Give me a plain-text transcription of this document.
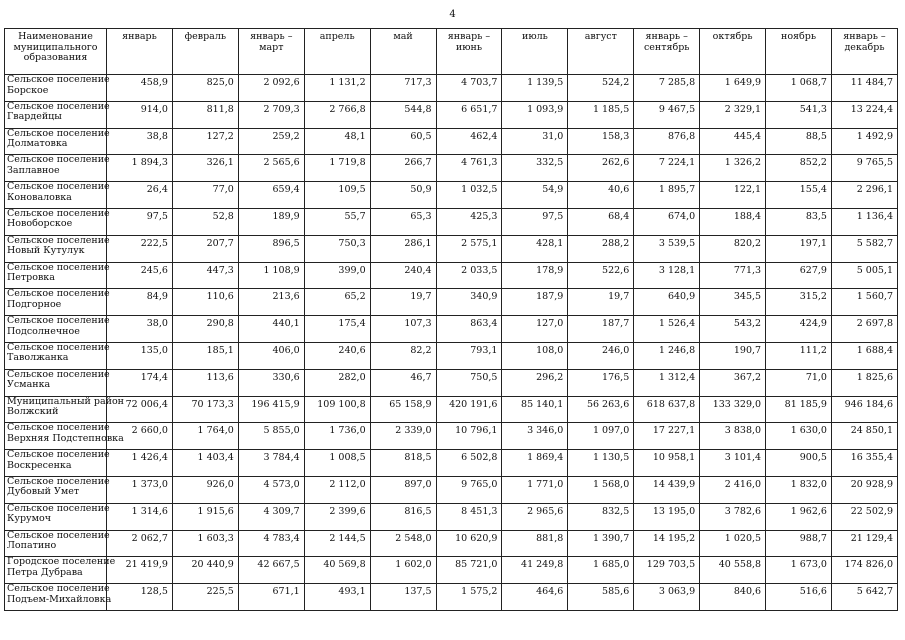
4
Наименование муниципального образования	январь	февраль	январь – март	апрель	май	январь – июнь	июль	август	январь – сентябрь	октябрь	ноябрь	январь – декабрь

Сельское поселение
Борское	458,9	825,0	2 092,6	1 131,2	717,3	4 703,7	1 139,5	524,2	7 285,8	1 649,9	1 068,7	11 484,7

Сельское поселение
Гвардейцы	914,0	811,8	2 709,3	2 766,8	544,8	6 651,7	1 093,9	1 185,5	9 467,5	2 329,1	541,3	13 224,4

Сельское поселение
Долматовка	38,8	127,2	259,2	48,1	60,5	462,4	31,0	158,3	876,8	445,4	88,5	1 492,9

Сельское поселение
Заплавное	1 894,3	326,1	2 565,6	1 719,8	266,7	4 761,3	332,5	262,6	7 224,1	1 326,2	852,2	9 765,5

Сельское поселение
Коноваловка	26,4	77,0	659,4	109,5	50,9	1 032,5	54,9	40,6	1 895,7	122,1	155,4	2 296,1

Сельское поселение
Новоборское	97,5	52,8	189,9	55,7	65,3	425,3	97,5	68,4	674,0	188,4	83,5	1 136,4

Сельское поселение
Новый Кутулук	222,5	207,7	896,5	750,3	286,1	2 575,1	428,1	288,2	3 539,5	820,2	197,1	5 582,7

Сельское поселение
Петровка	245,6	447,3	1 108,9	399,0	240,4	2 033,5	178,9	522,6	3 128,1	771,3	627,9	5 005,1

Сельское поселение
Подгорное	84,9	110,6	213,6	65,2	19,7	340,9	187,9	19,7	640,9	345,5	315,2	1 560,7

Сельское поселение
Подсолнечное	38,0	290,8	440,1	175,4	107,3	863,4	127,0	187,7	1 526,4	543,2	424,9	2 697,8

Сельское поселение
Таволжанка	135,0	185,1	406,0	240,6	82,2	793,1	108,0	246,0	1 246,8	190,7	111,2	1 688,4

Сельское поселение
Усманка	174,4	113,6	330,6	282,0	46,7	750,5	296,2	176,5	1 312,4	367,2	71,0	1 825,6

Муниципальный район
Волжский	72 006,4	70 173,3	196 415,9	109 100,8	65 158,9	420 191,6	85 140,1	56 263,6	618 637,8	133 329,0	81 185,9	946 184,6

Сельское поселение
Верхняя Подстепновка	2 660,0	1 764,0	5 855,0	1 736,0	2 339,0	10 796,1	3 346,0	1 097,0	17 227,1	3 838,0	1 630,0	24 850,1

Сельское поселение
Воскресенка	1 426,4	1 403,4	3 784,4	1 008,5	818,5	6 502,8	1 869,4	1 130,5	10 958,1	3 101,4	900,5	16 355,4

Сельское поселение
Дубовый Умет	1 373,0	926,0	4 573,0	2 112,0	897,0	9 765,0	1 771,0	1 568,0	14 439,9	2 416,0	1 832,0	20 928,9

Сельское поселение
Курумоч	1 314,6	1 915,6	4 309,7	2 399,6	816,5	8 451,3	2 965,6	832,5	13 195,0	3 782,6	1 962,6	22 502,9

Сельское поселение
Лопатино	2 062,7	1 603,3	4 783,4	2 144,5	2 548,0	10 620,9	881,8	1 390,7	14 195,2	1 020,5	988,7	21 129,4

Городское поселение
Петра Дубрава	21 419,9	20 440,9	42 667,5	40 569,8	1 602,0	85 721,0	41 249,8	1 685,0	129 703,5	40 558,8	1 673,0	174 826,0

Сельское поселение
Подъем-Михайловка	128,5	225,5	671,1	493,1	137,5	1 575,2	464,6	585,6	3 063,9	840,6	516,6	5 642,7
